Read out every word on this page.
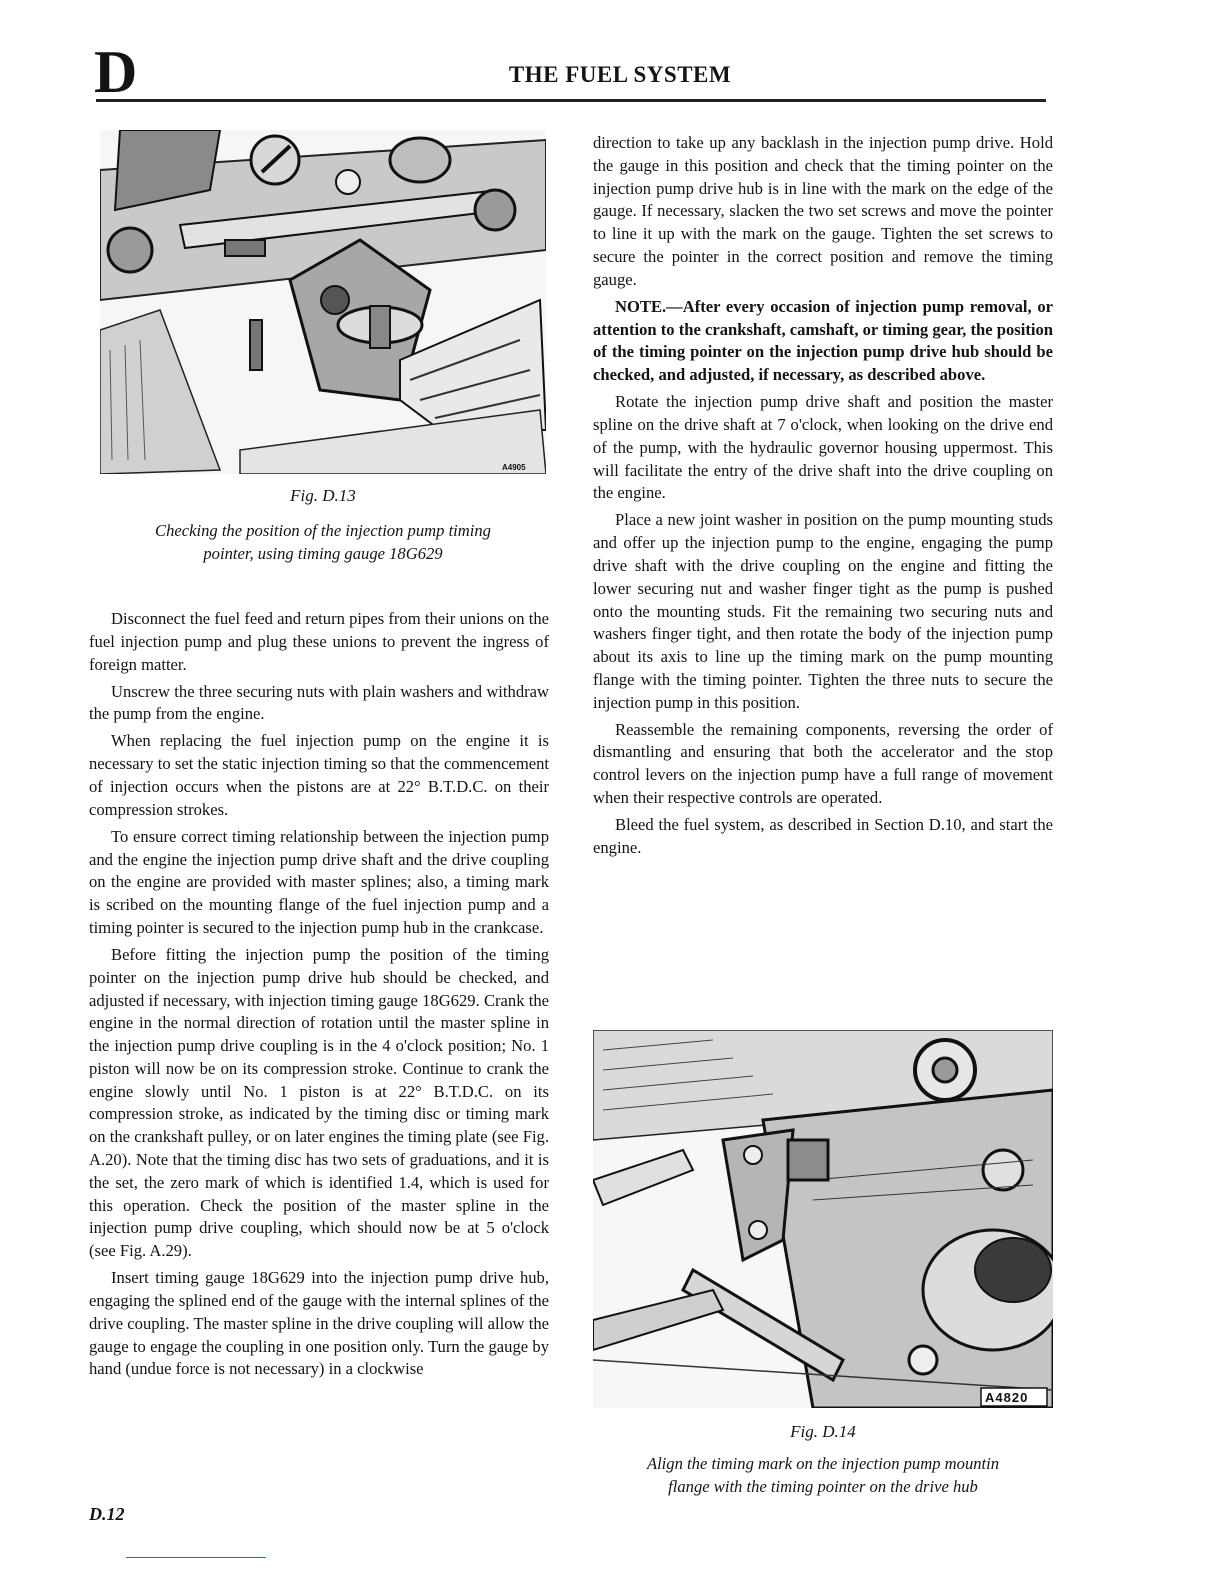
D	THE FUEL SYSTEM
A4905
Fig. D.13
Checking the position of the injection pump timing
pointer, using timing gauge 18G629

Disconnect the fuel feed and return pipes from their unions on the fuel injection pump and plug these unions to prevent the ingress of foreign matter.

Unscrew the three securing nuts with plain washers and withdraw the pump from the engine.

When replacing the fuel injection pump on the engine it is necessary to set the static injection timing so that the commencement of injection occurs when the pistons are at 22° B.T.D.C. on their compression strokes.

To ensure correct timing relationship between the injection pump and the engine the injection pump drive shaft and the drive coupling on the engine are provided with master splines; also, a timing mark is scribed on the mounting flange of the fuel injection pump and a timing pointer is secured to the injection pump hub in the crankcase.

Before fitting the injection pump the position of the timing pointer on the injection pump drive hub should be checked, and adjusted if necessary, with injection timing gauge 18G629. Crank the engine in the normal direction of rotation until the master spline in the injection pump drive coupling is in the 4 o'clock position; No. 1 piston will now be on its compression stroke. Continue to crank the engine slowly until No. 1 piston is at 22° B.T.D.C. on its compression stroke, as indicated by the timing disc or timing mark on the crankshaft pulley, or on later engines the timing plate (see Fig. A.20). Note that the timing disc has two sets of graduations, and it is the set, the zero mark of which is identified 1.4, which is used for this operation. Check the position of the master spline in the injection pump drive coupling, which should now be at 5 o'clock (see Fig. A.29).

Insert timing gauge 18G629 into the injection pump drive hub, engaging the splined end of the gauge with the internal splines of the drive coupling. The master spline in the drive coupling will allow the gauge to engage the coupling in one position only. Turn the gauge by hand (undue force is not necessary) in a clockwise

direction to take up any backlash in the injection pump drive. Hold the gauge in this position and check that the timing pointer on the injection pump drive hub is in line with the mark on the edge of the gauge. If necessary, slacken the two set screws and move the pointer to line it up with the mark on the gauge. Tighten the set screws to secure the pointer in the correct position and remove the timing gauge.

NOTE.—After every occasion of injection pump removal, or attention to the crankshaft, camshaft, or timing gear, the position of the timing pointer on the injection pump drive hub should be checked, and adjusted, if necessary, as described above.

Rotate the injection pump drive shaft and position the master spline on the drive shaft at 7 o'clock, when looking on the drive end of the pump, with the hydraulic governor housing uppermost. This will facilitate the entry of the drive shaft into the drive coupling on the engine.

Place a new joint washer in position on the pump mounting studs and offer up the injection pump to the engine, engaging the pump drive shaft with the drive coupling on the engine and fitting the lower securing nut and washer finger tight as the pump is pushed onto the mounting studs. Fit the remaining two securing nuts and washers finger tight, and then rotate the body of the injection pump about its axis to line up the timing mark on the pump mounting flange with the timing pointer. Tighten the three nuts to secure the injection pump in this position.

Reassemble the remaining components, reversing the order of dismantling and ensuring that both the accelerator and the stop control levers on the injection pump have a full range of movement when their respective controls are operated.

Bleed the fuel system, as described in Section D.10, and start the engine.

A4820
Fig. D.14
Align the timing mark on the injection pump mountin
flange with the timing pointer on the drive hub
D.12
